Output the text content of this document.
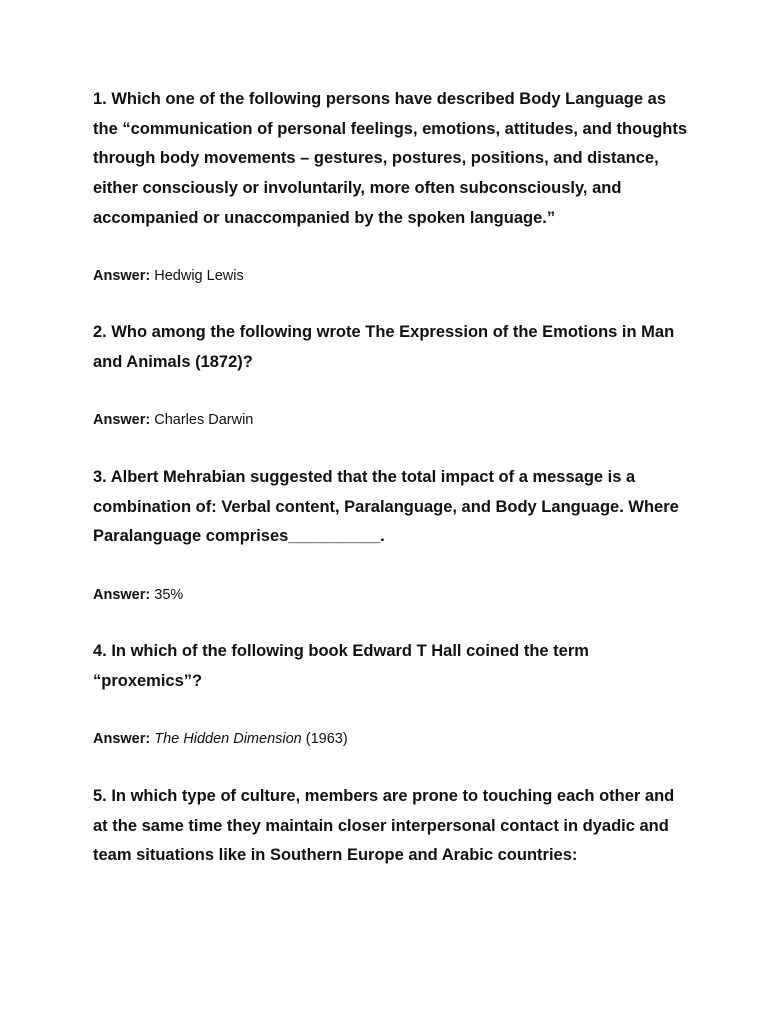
1. Which one of the following persons have described Body Language as the “communication of personal feelings, emotions, attitudes, and thoughts through body movements – gestures, postures, positions, and distance, either consciously or involuntarily, more often subconsciously, and accompanied or unaccompanied by the spoken language.”

Answer: Hedwig Lewis

2. Who among the following wrote The Expression of the Emotions in Man and Animals (1872)?

Answer: Charles Darwin

3. Albert Mehrabian suggested that the total impact of a message is a combination of: Verbal content, Paralanguage, and Body Language. Where Paralanguage comprises__________.

Answer: 35%

4. In which of the following book Edward T Hall coined the term “proxemics”?

Answer: The Hidden Dimension (1963)

5. In which type of culture, members are prone to touching each other and at the same time they maintain closer interpersonal contact in dyadic and team situations like in Southern Europe and Arabic countries:
